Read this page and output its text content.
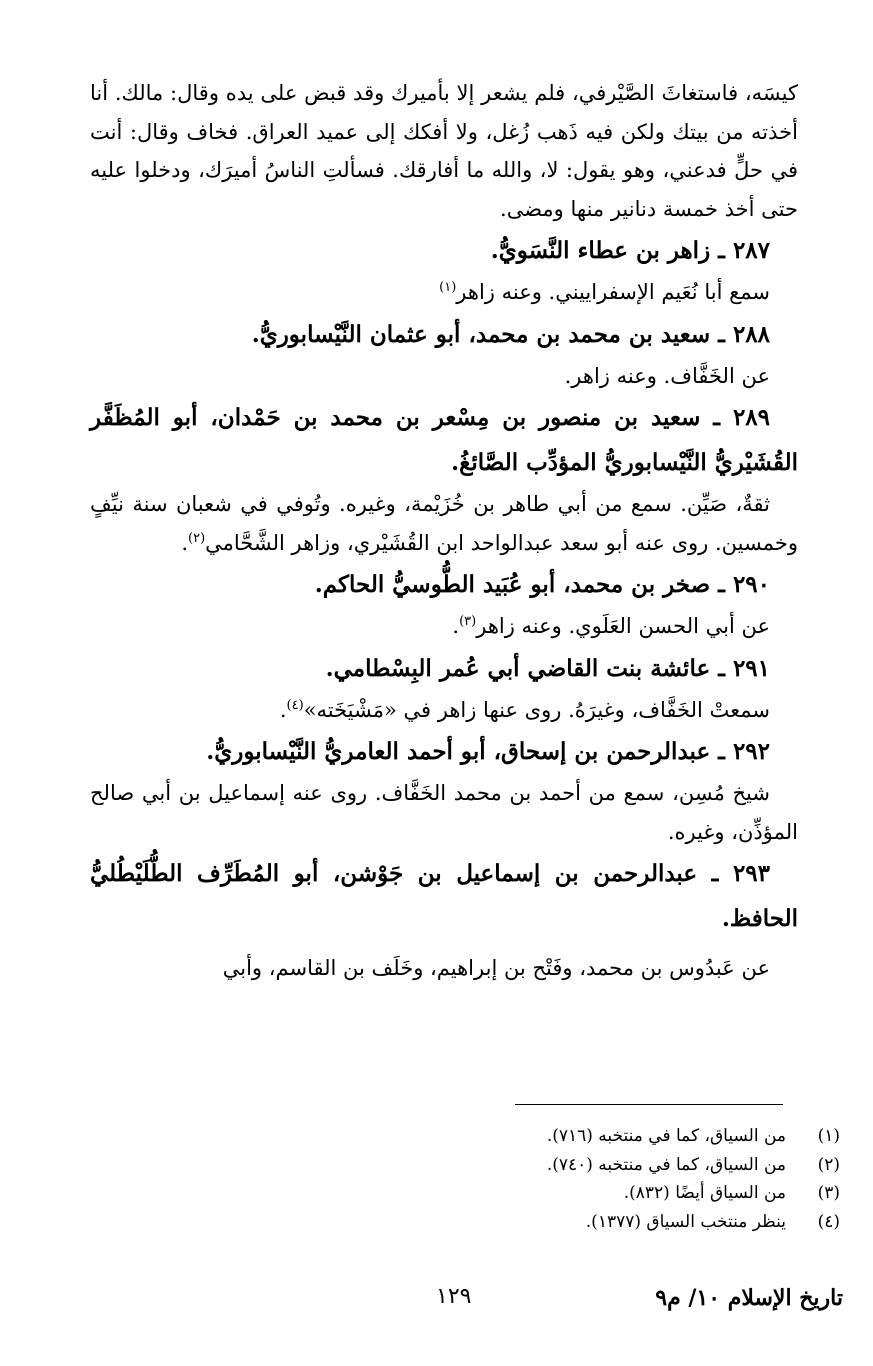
كيسَه، فاستغاثَ الصَّيْرفي، فلم يشعر إلا بأميرك وقد قبض على يده وقال: مالك. أنا أخذته من بيتك ولكن فيه ذَهب زُغل، ولا أفكك إلى عميد العراق. فخاف وقال: أنت في حلٍّ فدعني، وهو يقول: لا، والله ما أفارقك. فسألتِ الناسُ أميرَك، ودخلوا عليه حتى أخذ خمسة دنانير منها ومضى.

٢٨٧ ـ زاهر بن عطاء النَّسَويُّ.

سمع أبا نُعَيم الإسفراييني. وعنه زاهر$^{(١)}$

٢٨٨ ـ سعيد بن محمد بن محمد، أبو عثمان النَّيْسابوريُّ.

عن الخَفَّاف. وعنه زاهر.

٢٨٩ ـ سعيد بن منصور بن مِسْعر بن محمد بن حَمْدان، أبو المُظَفَّر القُشَيْريُّ النَّيْسابوريُّ المؤدِّب الصَّائغُ.

ثقةٌ، صَيِّن. سمع من أبي طاهر بن خُزَيْمة، وغيره. وتُوفي في شعبان سنة نيِّفٍ وخمسين. روى عنه أبو سعد عبدالواحد ابن القُشَيْري، وزاهر الشَّحَّامي$^{(٢)}$.

٢٩٠ ـ صخر بن محمد، أبو عُبَيد الطُّوسيُّ الحاكم.

عن أبي الحسن العَلَوي. وعنه زاهر$^{(٣)}$.

٢٩١ ـ عائشة بنت القاضي أبي عُمر البِسْطامي.

سمعتْ الخَفَّاف، وغيرَهُ. روى عنها زاهر في «مَشْيَخَته»$^{(٤)}$.

٢٩٢ ـ عبدالرحمن بن إسحاق، أبو أحمد العامريُّ النَّيْسابوريُّ.

شيخ مُسِن، سمع من أحمد بن محمد الخَفَّاف. روى عنه إسماعيل بن أبي صالح المؤذِّن، وغيره.

٢٩٣ ـ عبدالرحمن بن إسماعيل بن جَوْشن، أبو المُطَرِّف الطُّلَيْطُليُّ الحافظ.

عن عَبدُوس بن محمد، وفَتْح بن إبراهيم، وخَلَف بن القاسم، وأبي

(١)من السياق، كما في منتخبه (٧١٦).

(٢)من السياق، كما في منتخبه (٧٤٠).

(٣)من السياق أيضًا (٨٣٢).

(٤)ينظر منتخب السياق (١٣٧٧).

تاريخ الإسلام ١٠/ م٩
١٢٩
